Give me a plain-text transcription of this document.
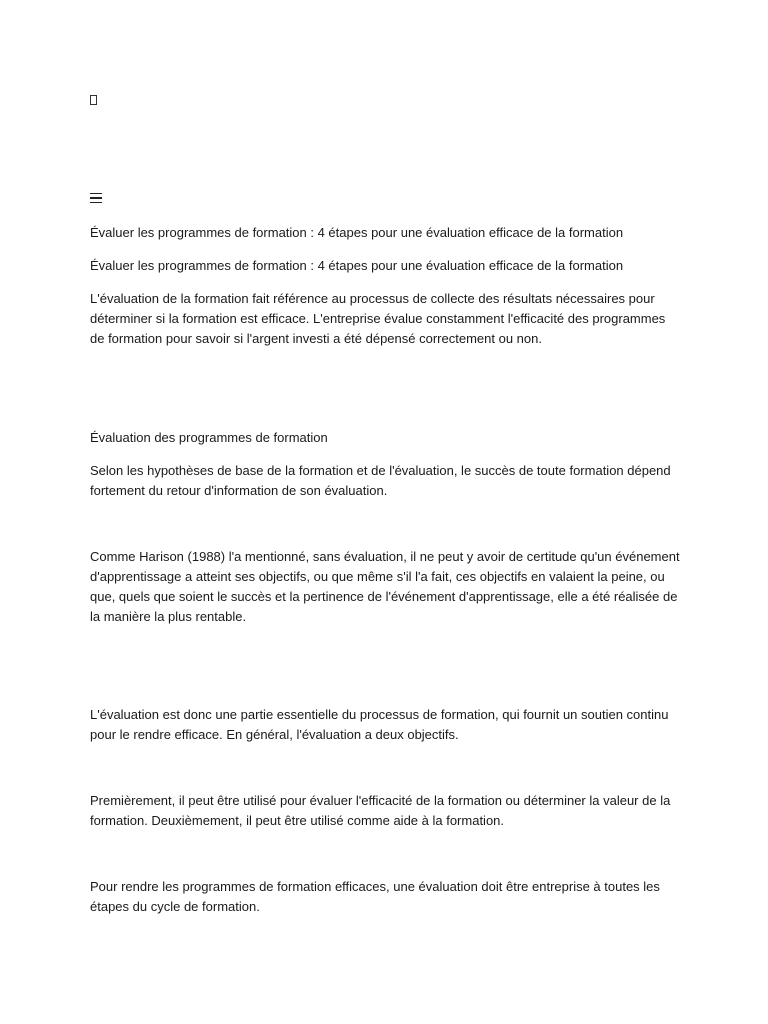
Évaluer les programmes de formation : 4 étapes pour une évaluation efficace de la formation

Évaluer les programmes de formation : 4 étapes pour une évaluation efficace de la formation

L'évaluation de la formation fait référence au processus de collecte des résultats nécessaires pour déterminer si la formation est efficace. L'entreprise évalue constamment l'efficacité des programmes de formation pour savoir si l'argent investi a été dépensé correctement ou non.

Évaluation des programmes de formation

Selon les hypothèses de base de la formation et de l'évaluation, le succès de toute formation dépend fortement du retour d'information de son évaluation.

Comme Harison (1988) l'a mentionné, sans évaluation, il ne peut y avoir de certitude qu'un événement d'apprentissage a atteint ses objectifs, ou que même s'il l'a fait, ces objectifs en valaient la peine, ou que, quels que soient le succès et la pertinence de l'événement d'apprentissage, elle a été réalisée de la manière la plus rentable.

L'évaluation est donc une partie essentielle du processus de formation, qui fournit un soutien continu pour le rendre efficace. En général, l'évaluation a deux objectifs.

Premièrement, il peut être utilisé pour évaluer l'efficacité de la formation ou déterminer la valeur de la formation. Deuxièmement, il peut être utilisé comme aide à la formation.

Pour rendre les programmes de formation efficaces, une évaluation doit être entreprise à toutes les étapes du cycle de formation.
